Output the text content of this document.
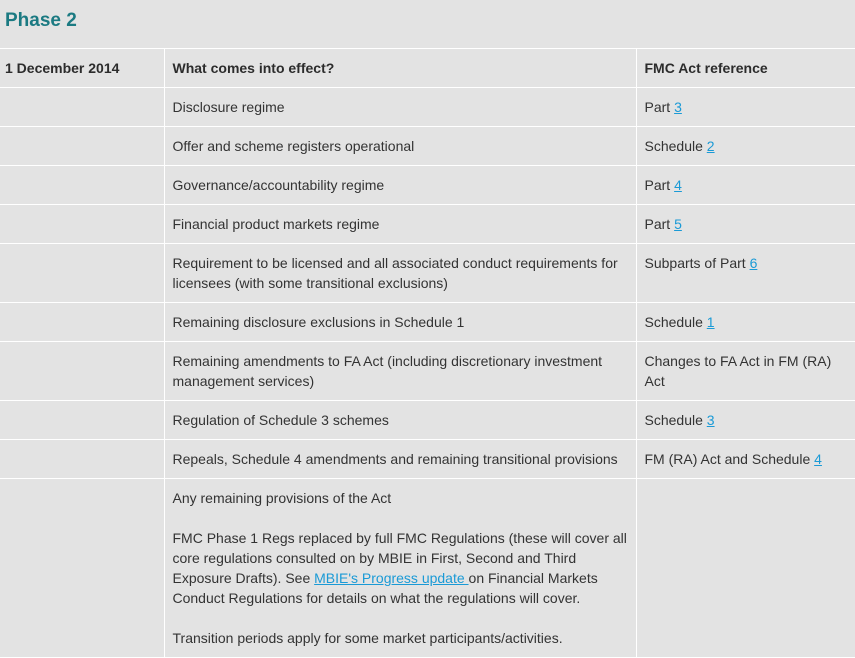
Phase 2
1 December 2014	What comes into effect?	FMC Act reference
	Disclosure regime	Part 3
	Offer and scheme registers operational	Schedule 2
	Governance/accountability regime	Part 4
	Financial product markets regime	Part 5
	Requirement to be licensed and all associated conduct requirements for licensees (with some transitional exclusions)	Subparts of Part 6
	Remaining disclosure exclusions in Schedule 1	Schedule 1
	Remaining amendments to FA Act (including discretionary investment management services)	Changes to FA Act in FM (RA) Act
	Regulation of Schedule 3 schemes	Schedule 3
	Repeals, Schedule 4 amendments and remaining transitional provisions	FM (RA) Act and Schedule 4

	Any remaining provisions of the Act

FMC Phase 1 Regs replaced by full FMC Regulations (these will cover all core regulations consulted on by MBIE in First, Second and Third Exposure Drafts). See MBIE's Progress update on Financial Markets Conduct Regulations for details on what the regulations will cover.

Transition periods apply for some market participants/activities.	
